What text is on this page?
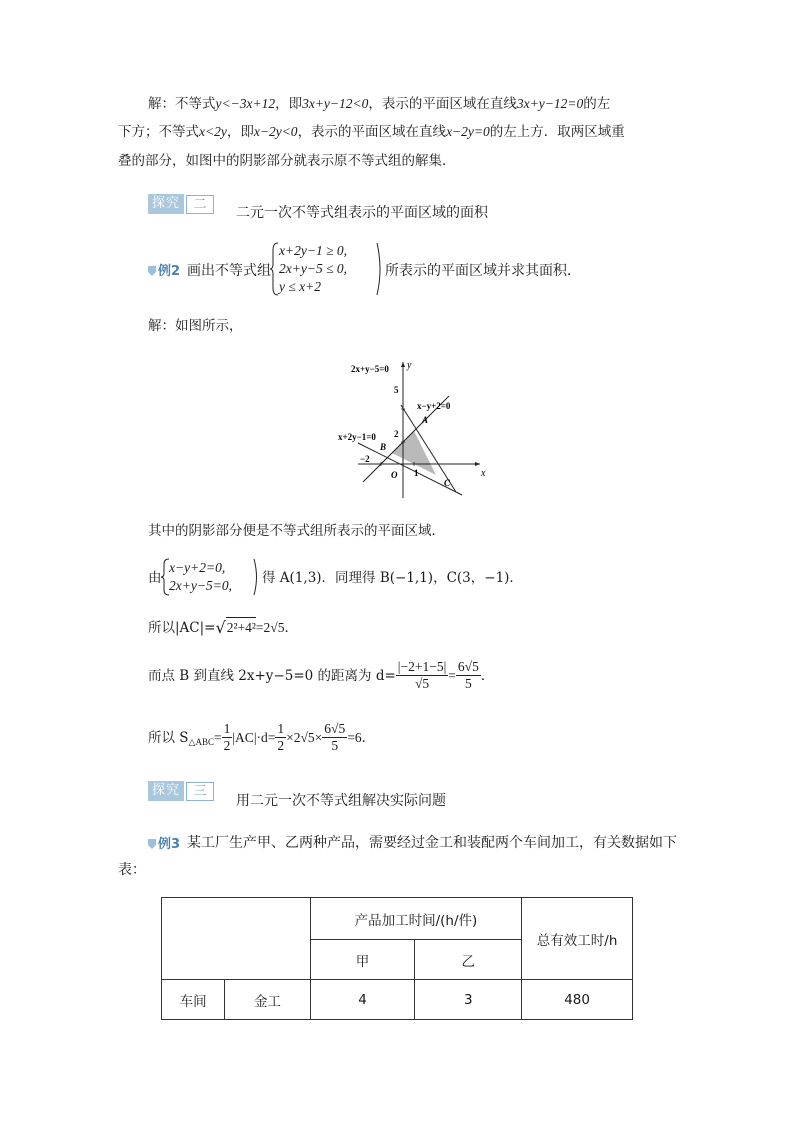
解：不等式y<−3x+12，即3x+y−12<0，表示的平面区域在直线3x+y−12=0的左
下方；不等式x<2y，即x−2y<0，表示的平面区域在直线x−2y=0的左上方．取两区域重
叠的部分，如图中的阴影部分就表示原不等式组的解集．
探究	二
二元一次不等式组表示的平面区域的面积
例2 画出不等式组
x+2y−1 ≥ 0,
2x+y−5 ≤ 0,
y ≤ x+2
所表示的平面区域并求其面积．
解：如图所示，
2x+y−5=0
x−y+2=0
x+2y−1=0
y
x
O
5
2
−2
1
A
B
C
其中的阴影部分便是不等式组所表示的平面区域．
由
x−y+2=0,
2x+y−5=0, 得 A(1,3)．同理得 B(−1,1)，C(3，−1)．
所以|AC|= √ 2²+4² =2√5．
而点 B 到直线 2x+y−5=0 的距离为 $d= \frac{|-2+1-5|}{√5} = \frac{6√5}{5}$ ．
所以 S △ABC = $\frac{1}{2} |AC|\cdot d= \frac{1}{2} \times 2√5\times \frac{6√5}{5} =6$．
探究	三
用二元一次不等式组解决实际问题
例3 某工厂生产甲、乙两种产品，需要经过金工和装配两个车间加工，有关数据如下
表：
		产品加工时间/(h/件)		总有效工时/h
		甲	乙	
车间	金工	4	3	480
